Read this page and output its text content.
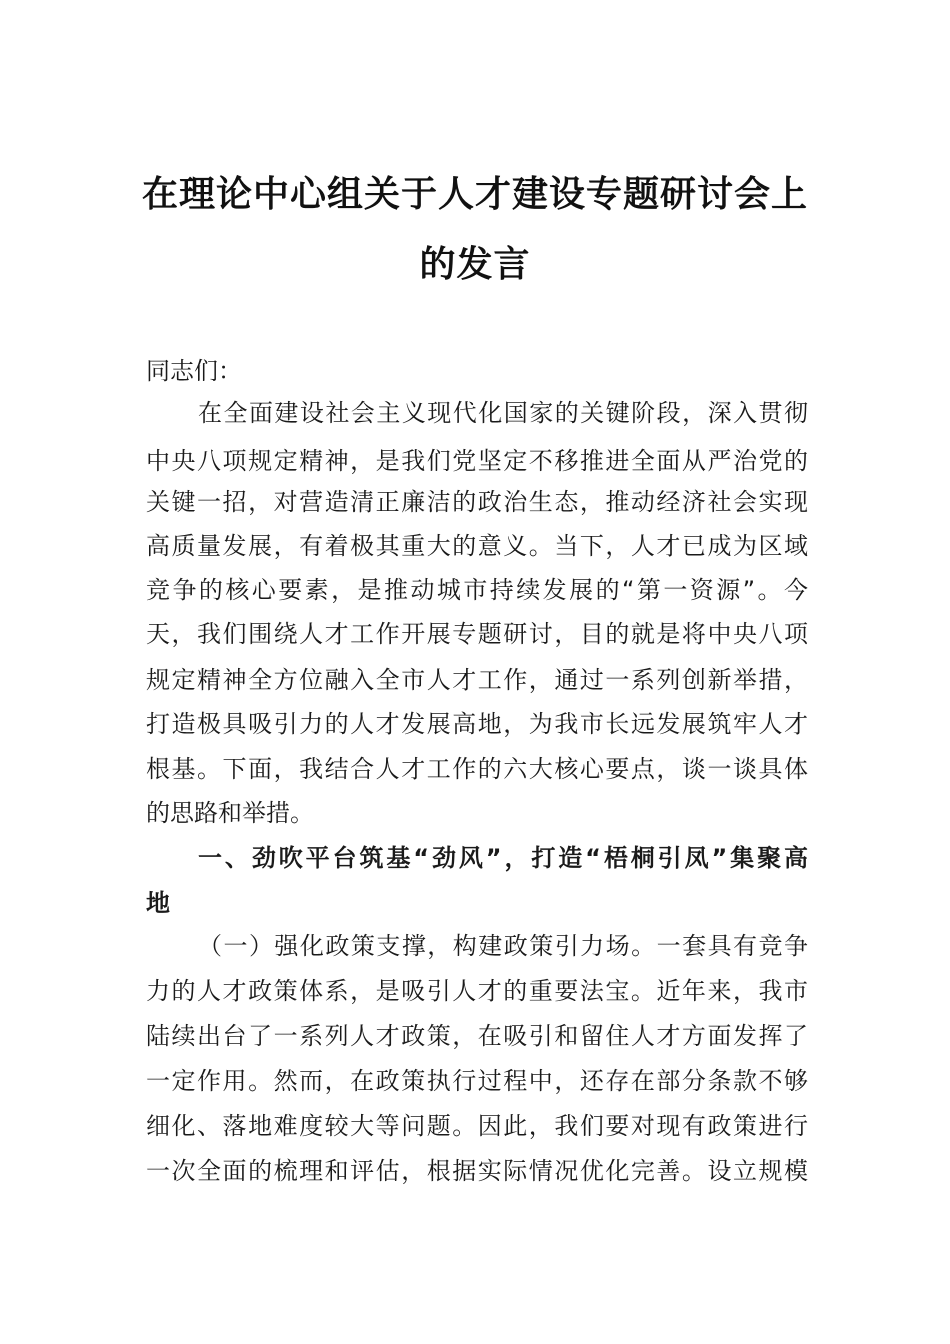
在理论中心组关于人才建设专题研讨会上
的发言
同志们：
在全面建设社会主义现代化国家的关键阶段，深入贯彻
中央八项规定精神，是我们党坚定不移推进全面从严治党的
关键一招，对营造清正廉洁的政治生态，推动经济社会实现
高质量发展，有着极其重大的意义。当下，人才已成为区域
竞争的核心要素，是推动城市持续发展的“第一资源”。今
天，我们围绕人才工作开展专题研讨，目的就是将中央八项
规定精神全方位融入全市人才工作，通过一系列创新举措，
打造极具吸引力的人才发展高地，为我市长远发展筑牢人才
根基。下面，我结合人才工作的六大核心要点，谈一谈具体
的思路和举措。
一、劲吹平台筑基“劲风”，打造“梧桐引凤”集聚高
地
（一）强化政策支撑，构建政策引力场。一套具有竞争
力的人才政策体系，是吸引人才的重要法宝。近年来，我市
陆续出台了一系列人才政策，在吸引和留住人才方面发挥了
一定作用。然而，在政策执行过程中，还存在部分条款不够
细化、落地难度较大等问题。因此，我们要对现有政策进行
一次全面的梳理和评估，根据实际情况优化完善。设立规模
